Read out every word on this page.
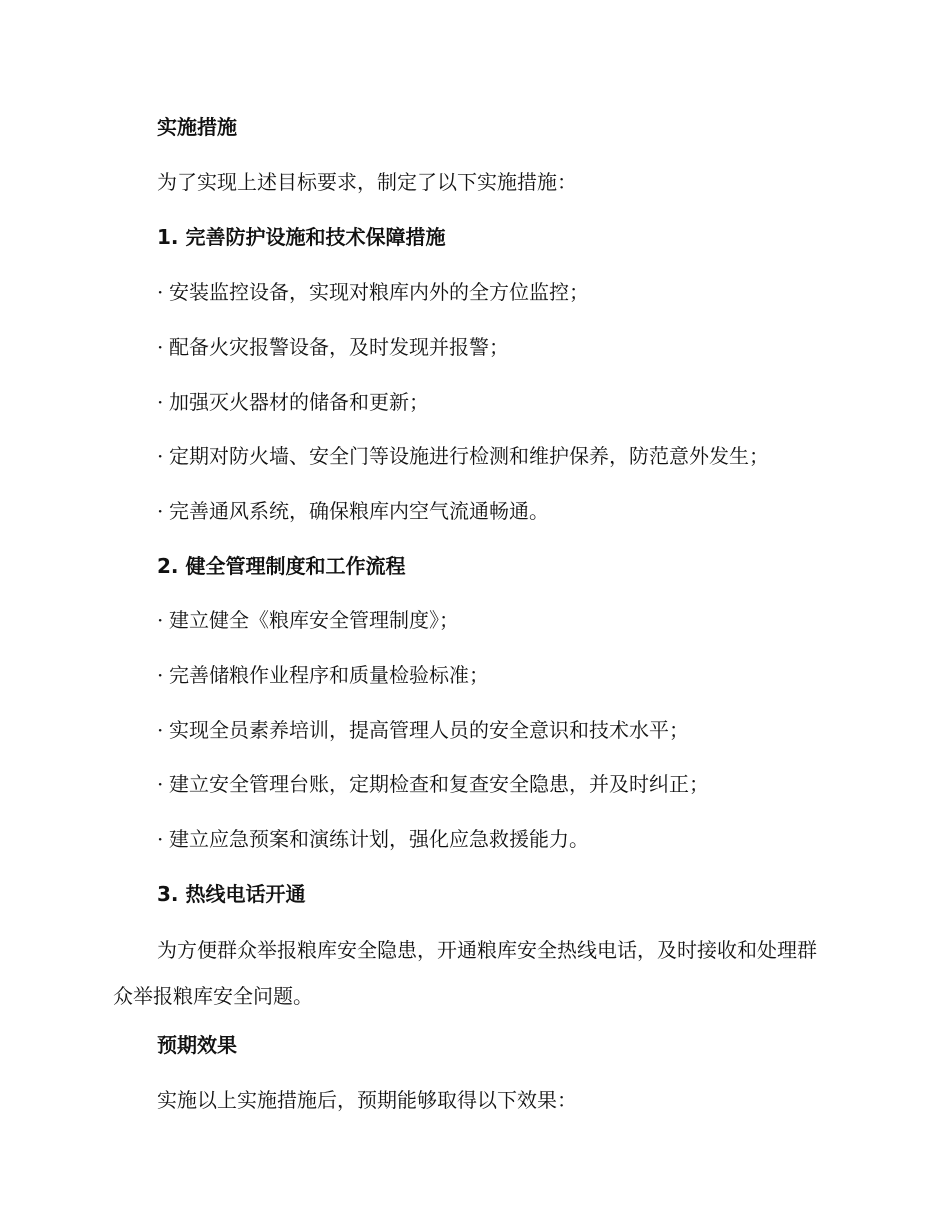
实施措施
为了实现上述目标要求，制定了以下实施措施：
1. 完善防护设施和技术保障措施
· 安装监控设备，实现对粮库内外的全方位监控；
· 配备火灾报警设备，及时发现并报警；
· 加强灭火器材的储备和更新；
· 定期对防火墙、安全门等设施进行检测和维护保养，防范意外发生；
· 完善通风系统，确保粮库内空气流通畅通。
2. 健全管理制度和工作流程
· 建立健全《粮库安全管理制度》；
· 完善储粮作业程序和质量检验标准；
· 实现全员素养培训，提高管理人员的安全意识和技术水平；
· 建立安全管理台账，定期检查和复查安全隐患，并及时纠正；
· 建立应急预案和演练计划，强化应急救援能力。
3. 热线电话开通
为方便群众举报粮库安全隐患，开通粮库安全热线电话，及时接收和处理群众举报粮库安全问题。
预期效果
实施以上实施措施后，预期能够取得以下效果：
